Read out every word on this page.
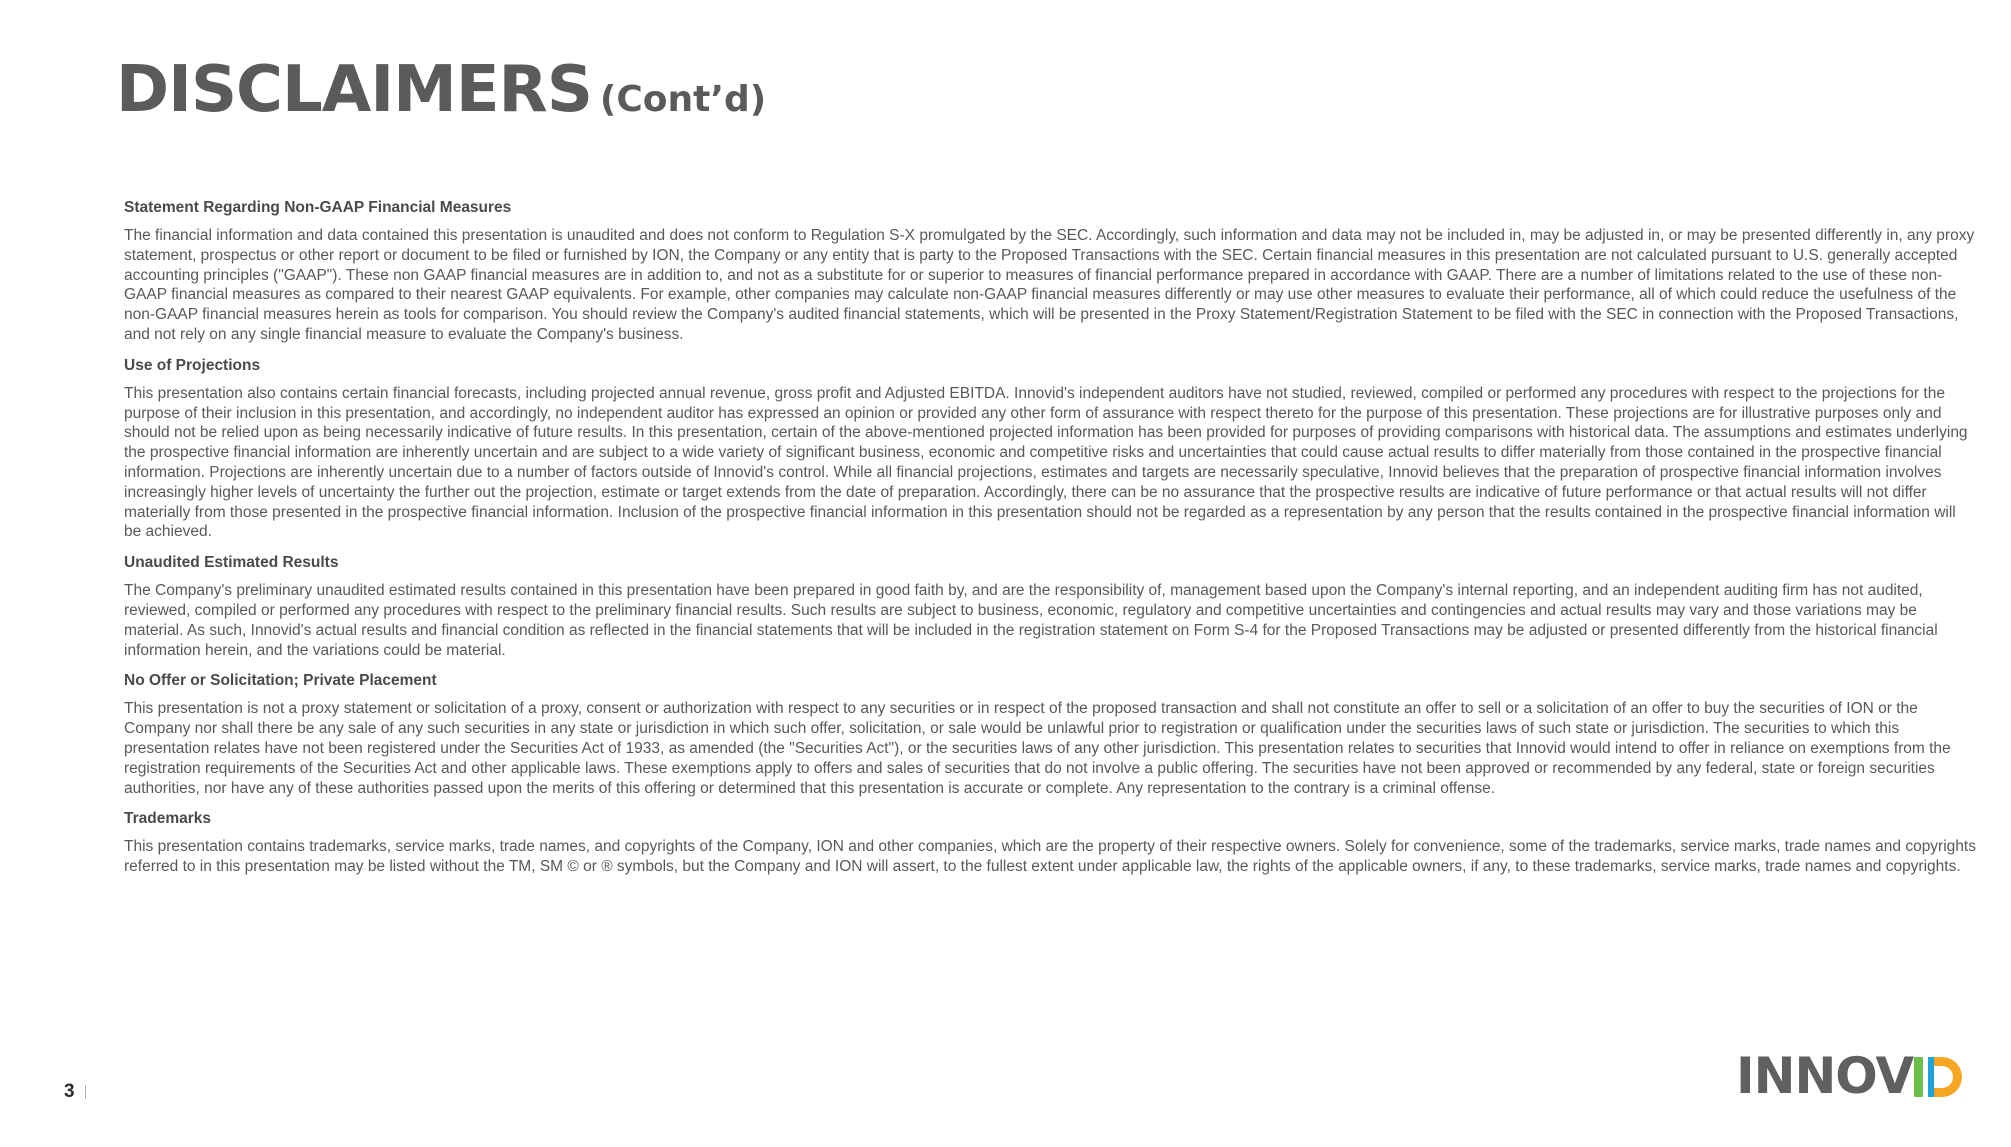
DISCLAIMERS (Cont’d)
Statement Regarding Non-GAAP Financial Measures

The financial information and data contained this presentation is unaudited and does not conform to Regulation S-X promulgated by the SEC. Accordingly, such information and data may not be included in, may be adjusted in, or may be presented differently in, any proxy statement, prospectus or other report or document to be filed or furnished by ION, the Company or any entity that is party to the Proposed Transactions with the SEC. Certain financial measures in this presentation are not calculated pursuant to U.S. generally accepted accounting principles ("GAAP"). These non GAAP financial measures are in addition to, and not as a substitute for or superior to measures of financial performance prepared in accordance with GAAP. There are a number of limitations related to the use of these non-GAAP financial measures as compared to their nearest GAAP equivalents. For example, other companies may calculate non-GAAP financial measures differently or may use other measures to evaluate their performance, all of which could reduce the usefulness of the non-GAAP financial measures herein as tools for comparison. You should review the Company's audited financial statements, which will be presented in the Proxy Statement/Registration Statement to be filed with the SEC in connection with the Proposed Transactions, and not rely on any single financial measure to evaluate the Company's business.

Use of Projections

This presentation also contains certain financial forecasts, including projected annual revenue, gross profit and Adjusted EBITDA. Innovid's independent auditors have not studied, reviewed, compiled or performed any procedures with respect to the projections for the purpose of their inclusion in this presentation, and accordingly, no independent auditor has expressed an opinion or provided any other form of assurance with respect thereto for the purpose of this presentation. These projections are for illustrative purposes only and should not be relied upon as being necessarily indicative of future results. In this presentation, certain of the above-mentioned projected information has been provided for purposes of providing comparisons with historical data. The assumptions and estimates underlying the prospective financial information are inherently uncertain and are subject to a wide variety of significant business, economic and competitive risks and uncertainties that could cause actual results to differ materially from those contained in the prospective financial information. Projections are inherently uncertain due to a number of factors outside of Innovid's control. While all financial projections, estimates and targets are necessarily speculative, Innovid believes that the preparation of prospective financial information involves increasingly higher levels of uncertainty the further out the projection, estimate or target extends from the date of preparation. Accordingly, there can be no assurance that the prospective results are indicative of future performance or that actual results will not differ materially from those presented in the prospective financial information. Inclusion of the prospective financial information in this presentation should not be regarded as a representation by any person that the results contained in the prospective financial information will be achieved.

Unaudited Estimated Results

The Company's preliminary unaudited estimated results contained in this presentation have been prepared in good faith by, and are the responsibility of, management based upon the Company's internal reporting, and an independent auditing firm has not audited, reviewed, compiled or performed any procedures with respect to the preliminary financial results. Such results are subject to business, economic, regulatory and competitive uncertainties and contingencies and actual results may vary and those variations may be material. As such, Innovid's actual results and financial condition as reflected in the financial statements that will be included in the registration statement on Form S-4 for the Proposed Transactions may be adjusted or presented differently from the historical financial information herein, and the variations could be material.

No Offer or Solicitation; Private Placement

This presentation is not a proxy statement or solicitation of a proxy, consent or authorization with respect to any securities or in respect of the proposed transaction and shall not constitute an offer to sell or a solicitation of an offer to buy the securities of ION or the Company nor shall there be any sale of any such securities in any state or jurisdiction in which such offer, solicitation, or sale would be unlawful prior to registration or qualification under the securities laws of such state or jurisdiction. The securities to which this presentation relates have not been registered under the Securities Act of 1933, as amended (the "Securities Act"), or the securities laws of any other jurisdiction. This presentation relates to securities that Innovid would intend to offer in reliance on exemptions from the registration requirements of the Securities Act and other applicable laws. These exemptions apply to offers and sales of securities that do not involve a public offering. The securities have not been approved or recommended by any federal, state or foreign securities authorities, nor have any of these authorities passed upon the merits of this offering or determined that this presentation is accurate or complete. Any representation to the contrary is a criminal offense.

Trademarks

This presentation contains trademarks, service marks, trade names, and copyrights of the Company, ION and other companies, which are the property of their respective owners. Solely for convenience, some of the trademarks, service marks, trade names and copyrights referred to in this presentation may be listed without the TM, SM © or ® symbols, but the Company and ION will assert, to the fullest extent under applicable law, the rights of the applicable owners, if any, to these trademarks, service marks, trade names and copyrights.

3	INNOV
